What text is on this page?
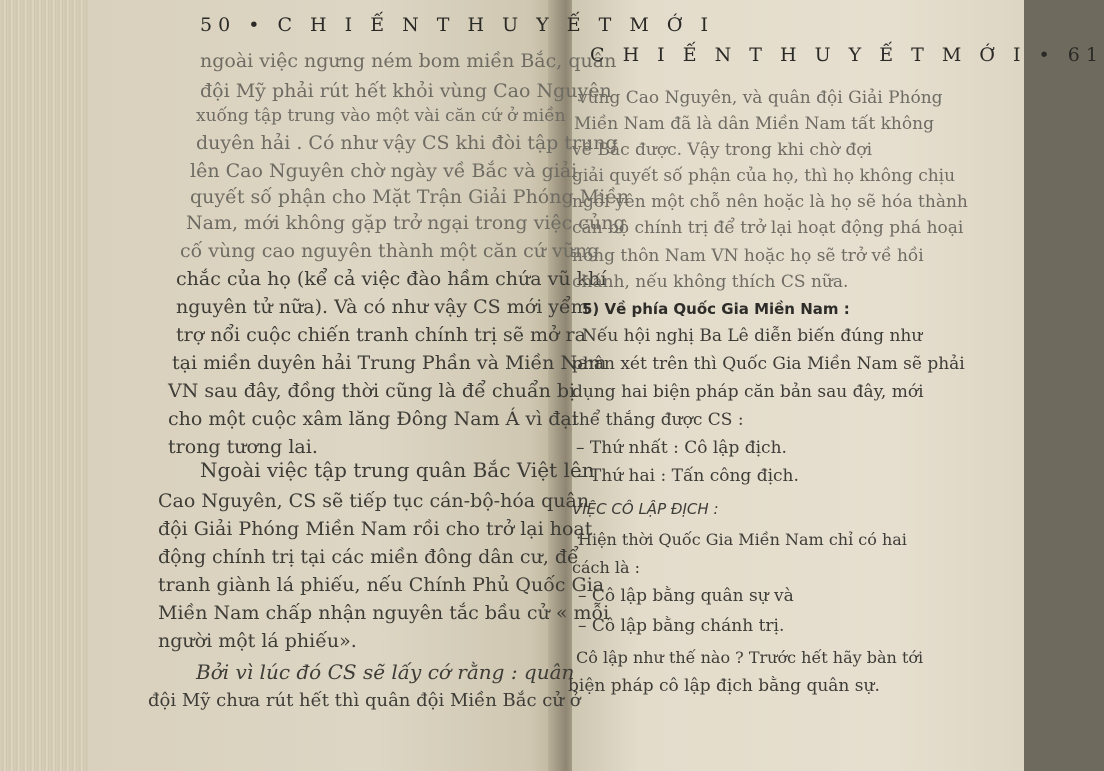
50 • C H I Ế N T H U Y Ế T M Ớ I
ngoài việc ngưng ném bom miền Bắc, quân
đội Mỹ phải rút hết khỏi vùng Cao Nguyên
xuống tập trung vào một vài căn cứ ở miền
duyên hải . Có như vậy CS khi đòi tập trung
lên Cao Nguyên chờ ngày về Bắc và giải
quyết số phận cho Mặt Trận Giải Phóng Miền
Nam, mới không gặp trở ngại trong việc củng
cố vùng cao nguyên thành một căn cứ vững
chắc của họ (kể cả việc đào hầm chứa vũ khí
nguyên tử nữa). Và có như vậy CS mới yểm
trợ nổi cuộc chiến tranh chính trị sẽ mở ra
tại miền duyên hải Trung Phần và Miền Nam
VN sau đây, đồng thời cũng là để chuẩn bị
cho một cuộc xâm lăng Đông Nam Á vì đại
trong tương lai.
Ngoài việc tập trung quân Bắc Việt lên
Cao Nguyên, CS sẽ tiếp tục cán-bộ-hóa quân
đội Giải Phóng Miền Nam rồi cho trở lại hoạt
động chính trị tại các miền đông dân cư, để
tranh giành lá phiếu, nếu Chính Phủ Quốc Gia
Miền Nam chấp nhận nguyên tắc bầu cử « mỗi
người một lá phiếu».
Bởi vì lúc đó CS sẽ lấy cớ rằng : quân
đội Mỹ chưa rút hết thì quân đội Miền Bắc cử ở
C H I Ế N T H U Y Ế T M Ớ I • 61
vùng Cao Nguyên, và quân đội Giải Phóng
Miền Nam đã là dân Miền Nam tất không
về Bắc được. Vậy trong khi chờ đợi
giải quyết số phận của họ, thì họ không chịu
ngồi yên một chỗ nên hoặc là họ sẽ hóa thành
cán bộ chính trị để trở lại hoạt động phá hoại
nông thôn Nam VN hoặc họ sẽ trở về hồi
chánh, nếu không thích CS nữa.
5) Về phía Quốc Gia Miền Nam :
Nếu hội nghị Ba Lê diễn biến đúng như
phân xét trên thì Quốc Gia Miền Nam sẽ phải
dụng hai biện pháp căn bản sau đây, mới
thể thắng được CS :
– Thứ nhất : Cô lập địch.
– Thứ hai : Tấn công địch.
VIỆC CÔ LẬP ĐỊCH :
Hiện thời Quốc Gia Miền Nam chỉ có hai
cách là :
– Cô lập bằng quân sự và
– Cô lập bằng chánh trị.
Cô lập như thế nào ? Trước hết hãy bàn tới
biện pháp cô lập địch bằng quân sự.
